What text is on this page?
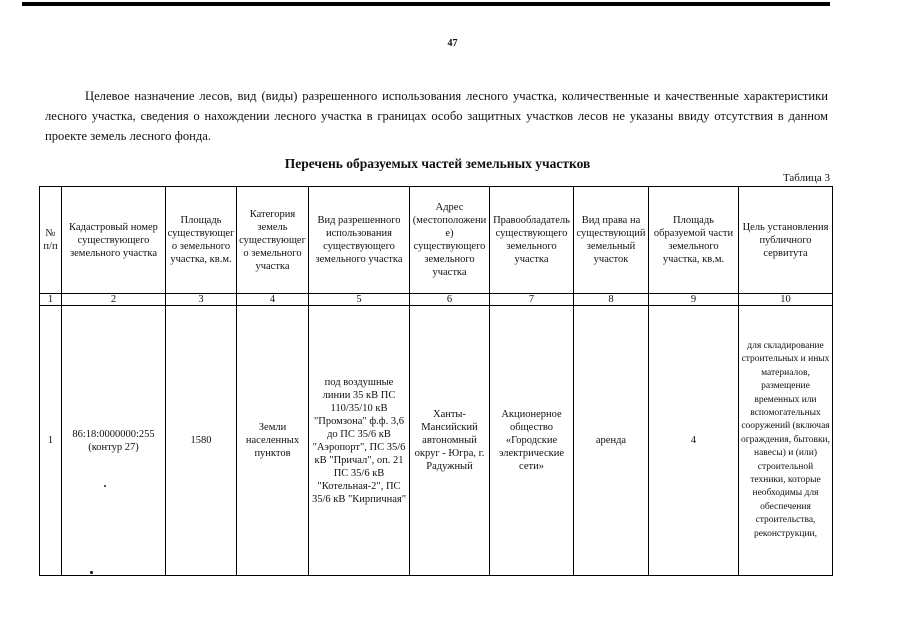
47

Целевое назначение лесов, вид (виды) разрешенного использования лесного участка, количественные и качественные характеристики лесного участка, сведения о нахождении лесного участка в границах особо защитных участков лесов не указаны ввиду отсутствия в данном проекте земель лесного фонда.

Перечень образуемых частей земельных участков
Таблица 3
№ п/п	Кадастровый номер существующего земельного участка	Площадь существующего земельного участка, кв.м.	Категория земель существующего земельного участка	Вид разрешенного использования существующего земельного участка	Адрес (местоположение) существующего земельного участка	Правообладатель существующего земельного участка	Вид права на существующий земельный участок	Площадь образуемой части земельного участка, кв.м.	Цель установления публичного сервитута
1	2	3	4	5	6	7	8	9	10
1	86:18:0000000:255 (контур 27)	1580	Земли населенных пунктов	под воздушные линии 35 кВ ПС 110/35/10 кВ "Промзона" ф.ф. 3,6 до ПС 35/6 кВ "Аэропорт", ПС 35/6 кВ "Причал", оп. 21 ПС 35/6 кВ "Котельная-2", ПС 35/6 кВ "Кирпичная"	Ханты-Мансийский автономный округ - Югра, г. Радужный	Акционерное общество «Городские электрические сети»	аренда	4	для складирование строительных и иных материалов, размещение временных или вспомогательных сооружений (включая ограждения, бытовки, навесы) и (или) строительной техники, которые необходимы для обеспечения строительства, реконструкции,
